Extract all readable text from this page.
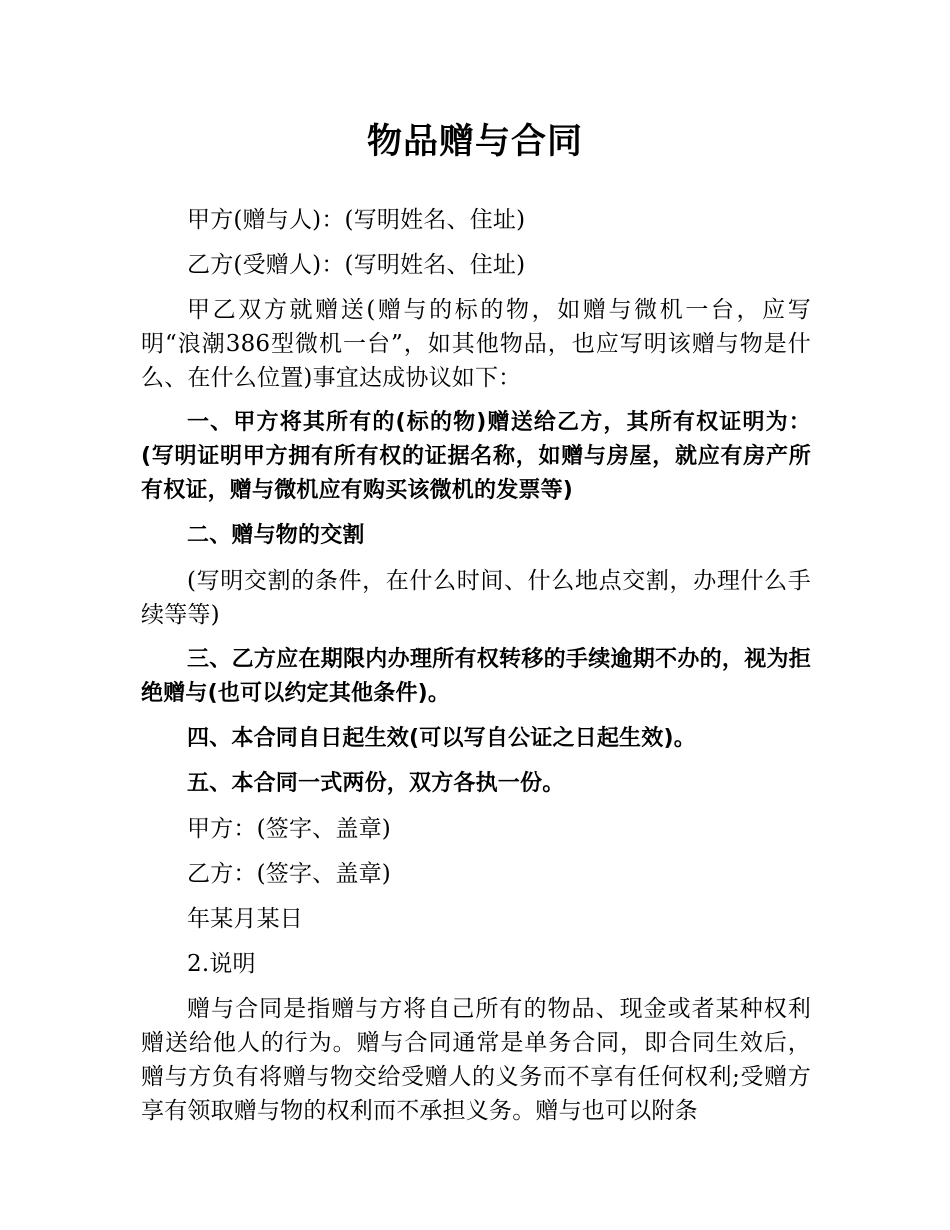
物品赠与合同

甲方(赠与人)：(写明姓名、住址)

乙方(受赠人)：(写明姓名、住址)

甲乙双方就赠送(赠与的标的物，如赠与微机一台，应写明“浪潮386型微机一台”，如其他物品，也应写明该赠与物是什么、在什么位置)事宜达成协议如下：

一、甲方将其所有的(标的物)赠送给乙方，其所有权证明为：(写明证明甲方拥有所有权的证据名称，如赠与房屋，就应有房产所有权证，赠与微机应有购买该微机的发票等)

二、赠与物的交割

(写明交割的条件，在什么时间、什么地点交割，办理什么手续等等)

三、乙方应在期限内办理所有权转移的手续逾期不办的，视为拒绝赠与(也可以约定其他条件)。

四、本合同自日起生效(可以写自公证之日起生效)。

五、本合同一式两份，双方各执一份。

甲方：(签字、盖章)

乙方：(签字、盖章)

年某月某日

2.说明

赠与合同是指赠与方将自己所有的物品、现金或者某种权利赠送给他人的行为。赠与合同通常是单务合同，即合同生效后，赠与方负有将赠与物交给受赠人的义务而不享有任何权利;受赠方享有领取赠与物的权利而不承担义务。赠与也可以附条
